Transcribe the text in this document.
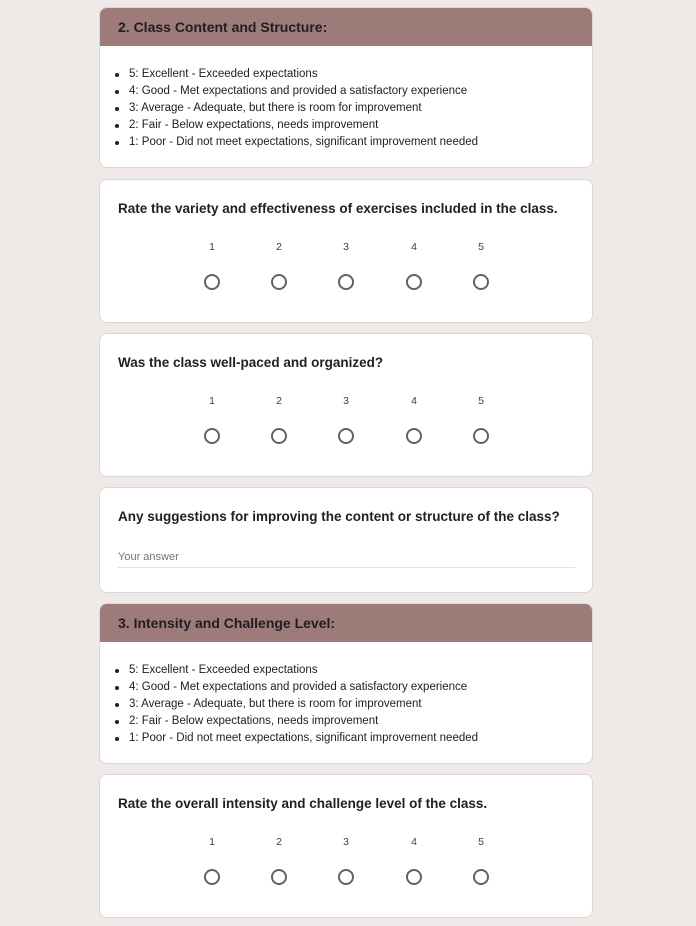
2. Class Content and Structure:
5: Excellent - Exceeded expectations
4: Good - Met expectations and provided a satisfactory experience
3: Average - Adequate, but there is room for improvement
2: Fair - Below expectations, needs improvement
1: Poor - Did not meet expectations, significant improvement needed
Rate the variety and effectiveness of exercises included in the class.
1	2	3	4	5
Was the class well-paced and organized?
1	2	3	4	5
Any suggestions for improving the content or structure of the class?
Your answer
3. Intensity and Challenge Level:
5: Excellent - Exceeded expectations
4: Good - Met expectations and provided a satisfactory experience
3: Average - Adequate, but there is room for improvement
2: Fair - Below expectations, needs improvement
1: Poor - Did not meet expectations, significant improvement needed
Rate the overall intensity and challenge level of the class.
1	2	3	4	5
